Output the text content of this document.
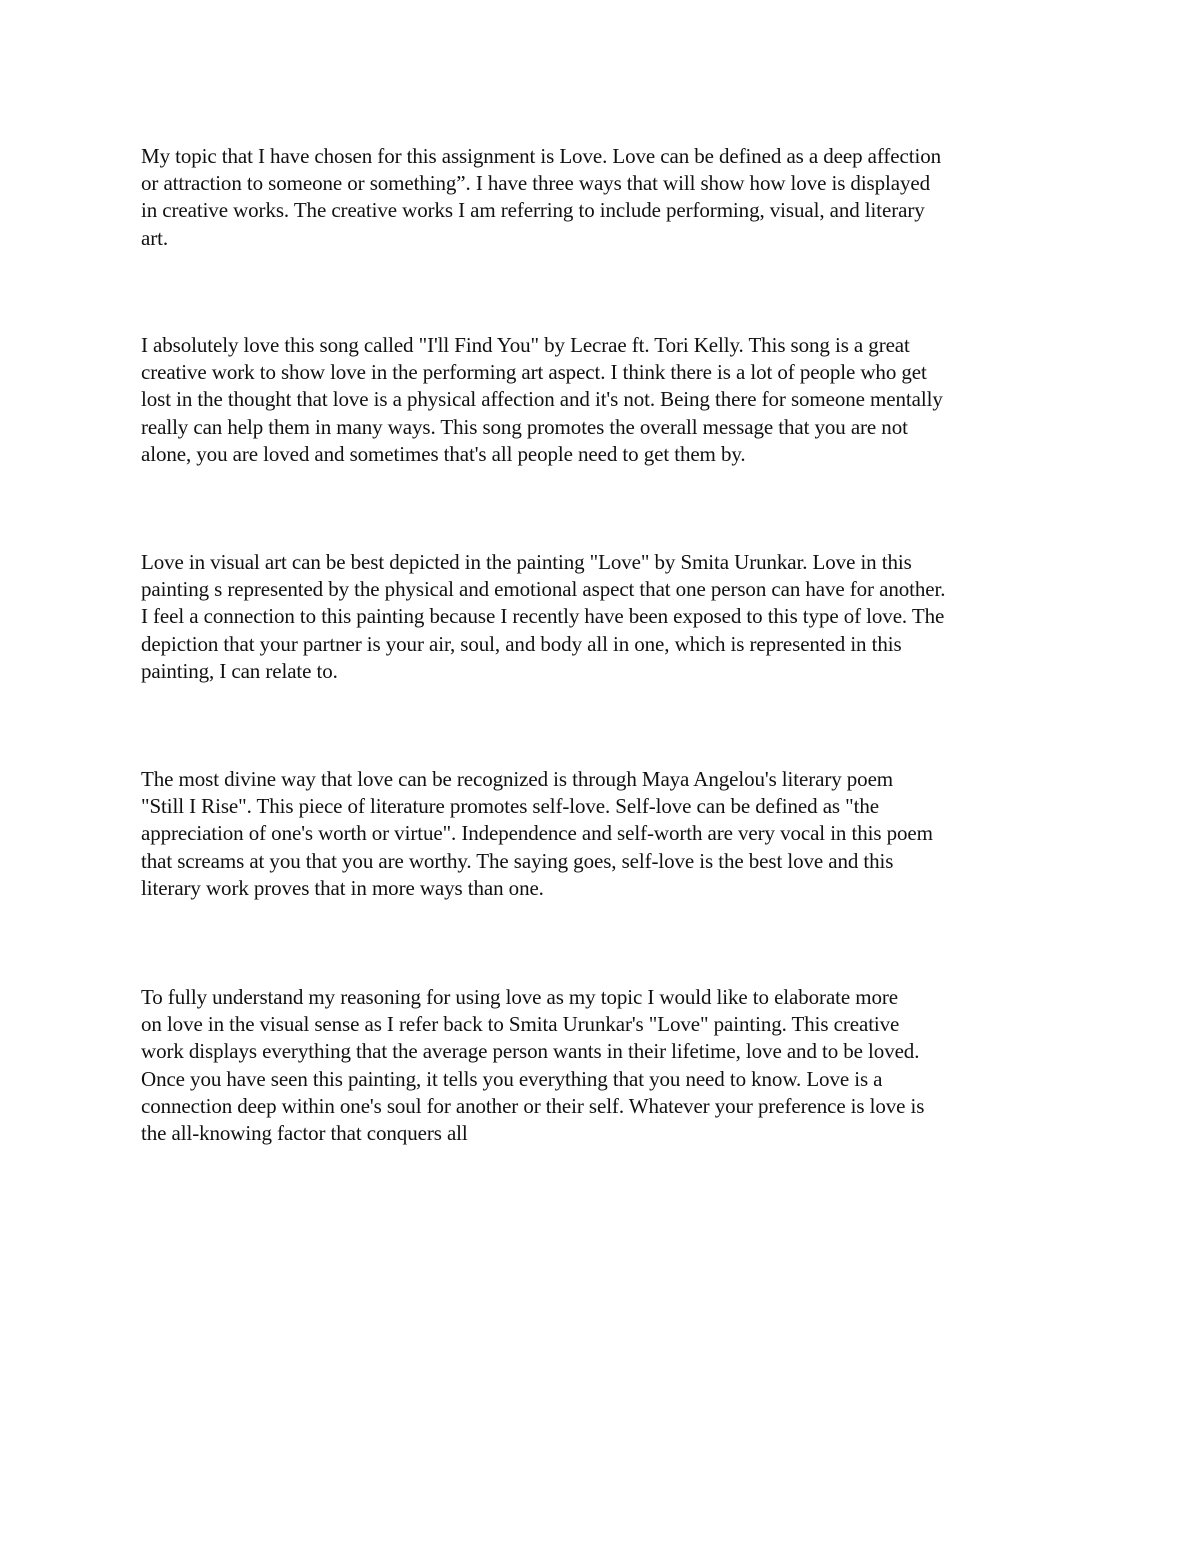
My topic that I have chosen for this assignment is Love. Love can be defined as a deep affection
or attraction to someone or something”. I have three ways that will show how love is displayed
in creative works. The creative works I am referring to include performing, visual, and literary
art.
I absolutely love this song called "I'll Find You" by Lecrae ft. Tori Kelly. This song is a great
creative work to show love in the performing art aspect. I think there is a lot of people who get
lost in the thought that love is a physical affection and it's not. Being there for someone mentally
really can help them in many ways. This song promotes the overall message that you are not
alone, you are loved and sometimes that's all people need to get them by.
Love in visual art can be best depicted in the painting "Love" by Smita Urunkar. Love in this
painting s represented by the physical and emotional aspect that one person can have for another.
I feel a connection to this painting because I recently have been exposed to this type of love. The
depiction that your partner is your air, soul, and body all in one, which is represented in this
painting, I can relate to.
The most divine way that love can be recognized is through Maya Angelou's literary poem
"Still I Rise". This piece of literature promotes self-love. Self-love can be defined as "the
appreciation of one's worth or virtue". Independence and self-worth are very vocal in this poem
that screams at you that you are worthy. The saying goes, self-love is the best love and this
literary work proves that in more ways than one.
To fully understand my reasoning for using love as my topic I would like to elaborate more
on love in the visual sense as I refer back to Smita Urunkar's "Love" painting. This creative
work displays everything that the average person wants in their lifetime, love and to be loved.
Once you have seen this painting, it tells you everything that you need to know. Love is a
connection deep within one's soul for another or their self. Whatever your preference is love is
the all-knowing factor that conquers all
